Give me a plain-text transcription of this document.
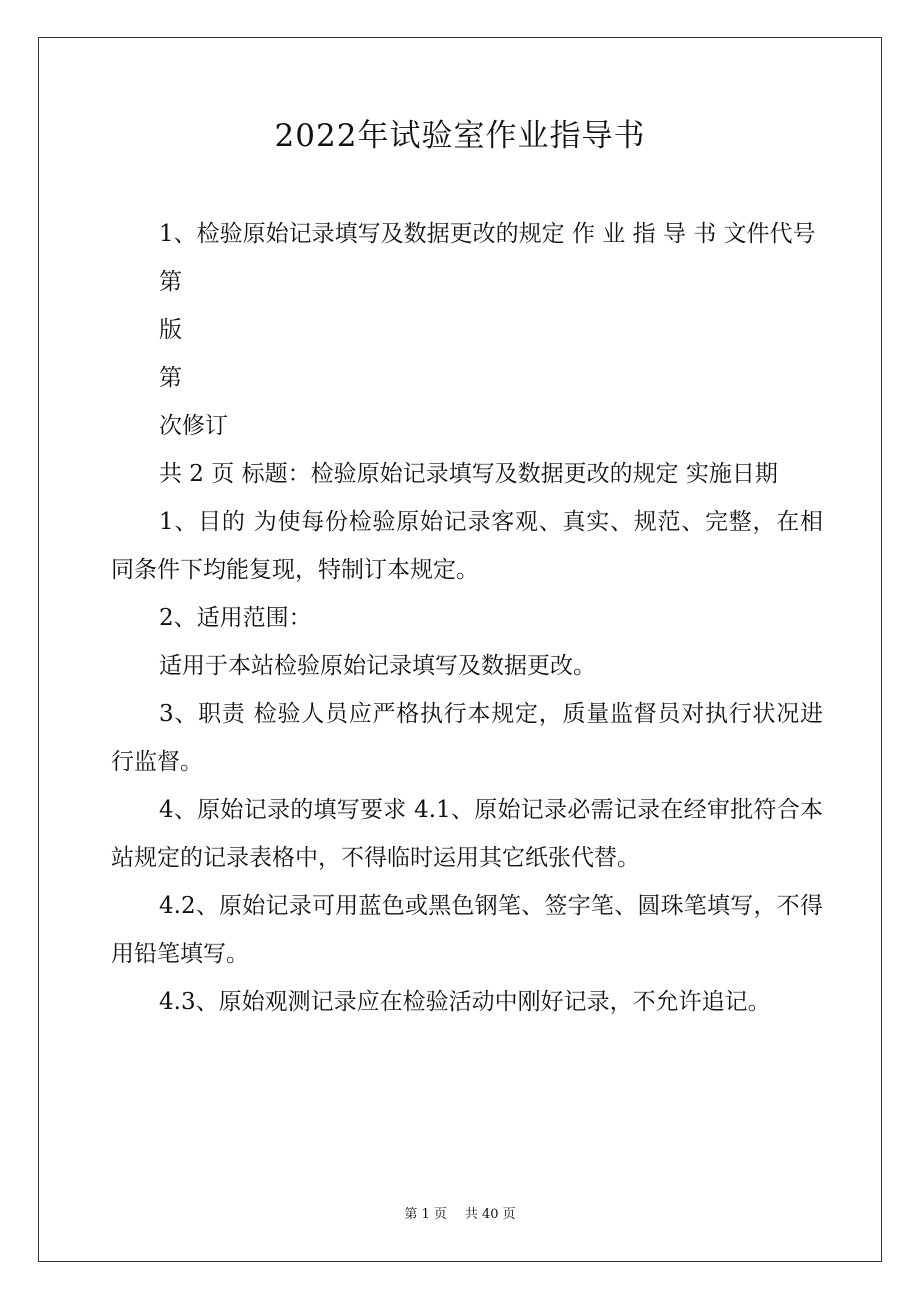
2022年试验室作业指导书

1、检验原始记录填写及数据更改的规定 作 业 指 导 书 文件代号

第

版

第

次修订

共 2 页 标题：检验原始记录填写及数据更改的规定 实施日期

1、目的 为使每份检验原始记录客观、真实、规范、完整，在相同条件下均能复现，特制订本规定。

2、适用范围：

适用于本站检验原始记录填写及数据更改。

3、职责 检验人员应严格执行本规定，质量监督员对执行状况进行监督。

4、原始记录的填写要求 4.1、原始记录必需记录在经审批符合本站规定的记录表格中，不得临时运用其它纸张代替。

4.2、原始记录可用蓝色或黑色钢笔、签字笔、圆珠笔填写，不得用铅笔填写。

4.3、原始观测记录应在检验活动中刚好记录，不允许追记。

第 1 页 共 40 页
